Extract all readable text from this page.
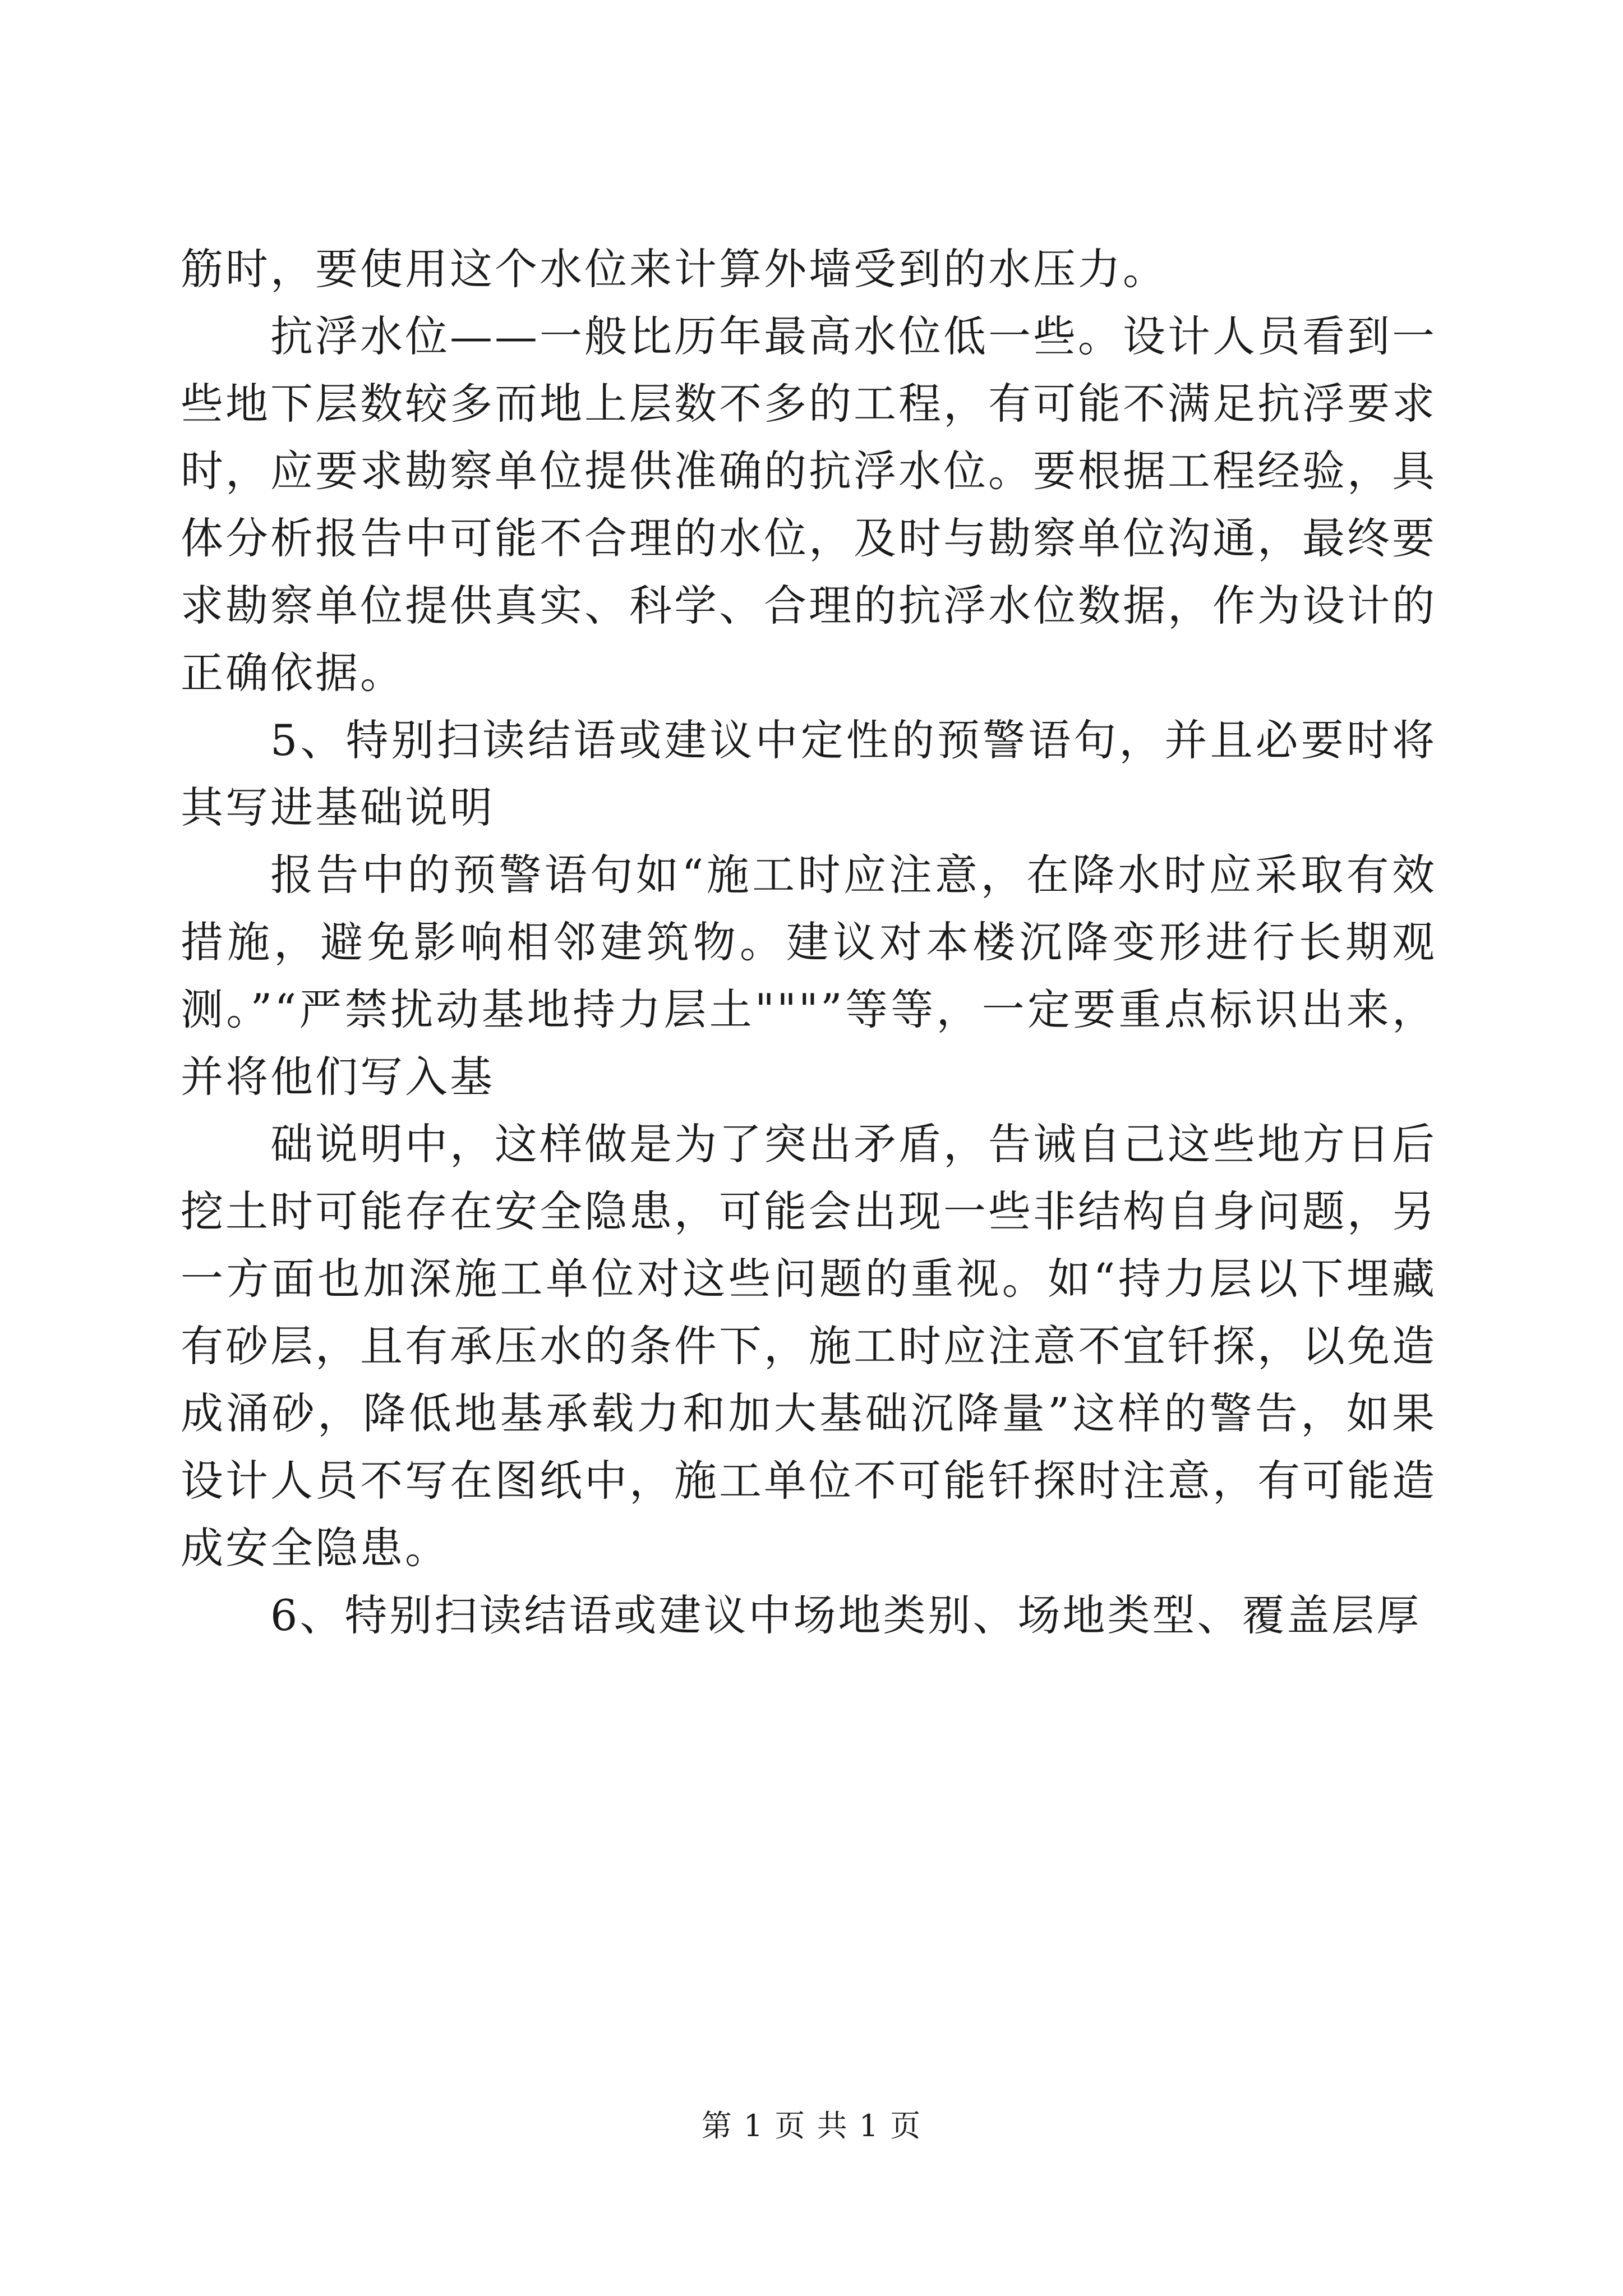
筋时，要使用这个水位来计算外墙受到的水压力。

抗浮水位——一般比历年最高水位低一些。设计人员看到一些地下层数较多而地上层数不多的工程，有可能不满足抗浮要求时，应要求勘察单位提供准确的抗浮水位。要根据工程经验，具体分析报告中可能不合理的水位，及时与勘察单位沟通，最终要求勘察单位提供真实、科学、合理的抗浮水位数据，作为设计的正确依据。

5、特别扫读结语或建议中定性的预警语句，并且必要时将其写进基础说明

报告中的预警语句如“施工时应注意，在降水时应采取有效措施，避免影响相邻建筑物。建议对本楼沉降变形进行长期观测。”“严禁扰动基地持力层土"""”等等，一定要重点标识出来，并将他们写入基

础说明中，这样做是为了突出矛盾，告诫自己这些地方日后挖土时可能存在安全隐患，可能会出现一些非结构自身问题，另一方面也加深施工单位对这些问题的重视。如“持力层以下埋藏有砂层，且有承压水的条件下，施工时应注意不宜钎探，以免造成涌砂，降低地基承载力和加大基础沉降量”这样的警告，如果设计人员不写在图纸中，施工单位不可能钎探时注意，有可能造成安全隐患。

6、特别扫读结语或建议中场地类别、场地类型、覆盖层厚

第 1 页 共 1 页
